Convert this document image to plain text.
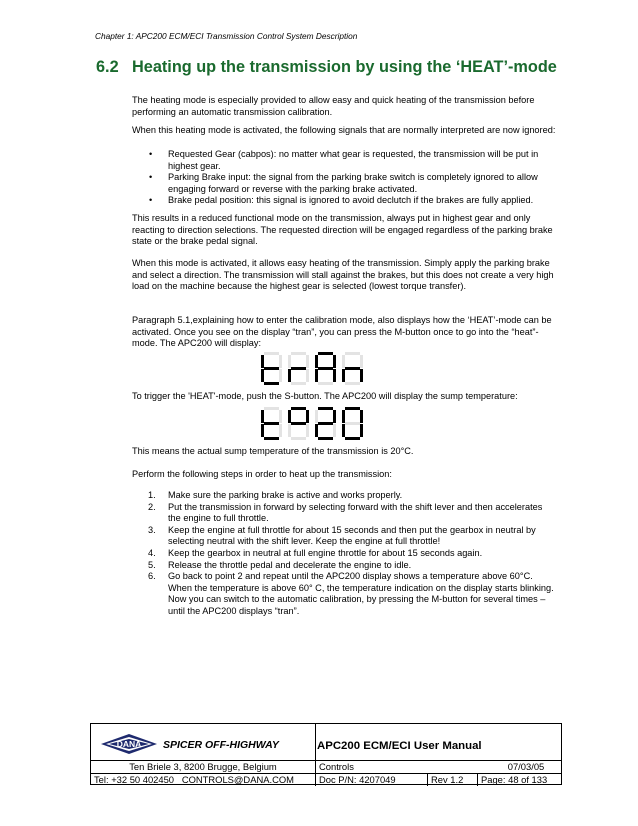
Chapter 1: APC200 ECM/ECI Transmission Control System Description
6.2 Heating up the transmission by using the ‘HEAT’-mode

The heating mode is especially provided to allow easy and quick heating of the transmission before performing an automatic transmission calibration.

When this heating mode is activated, the following signals that are normally interpreted are now ignored:

• Requested Gear (cabpos): no matter what gear is requested, the transmission will be put in highest gear.
• Parking Brake input: the signal from the parking brake switch is completely ignored to allow engaging forward or reverse with the parking brake activated.
• Brake pedal position: this signal is ignored to avoid declutch if the brakes are fully applied.

This results in a reduced functional mode on the transmission, always put in highest gear and only reacting to direction selections. The requested direction will be engaged regardless of the parking brake state or the brake pedal signal.

When this mode is activated, it allows easy heating of the transmission. Simply apply the parking brake and select a direction. The transmission will stall against the brakes, but this does not create a very high load on the machine because the highest gear is selected (lowest torque transfer).

Paragraph 5.1,explaining how to enter the calibration mode, also displays how the ‘HEAT’-mode can be activated. Once you see on the display “tran”, you can press the M-button once to go into the “heat”-mode. The APC200 will display:

To trigger the 'HEAT'-mode, push the S-button. The APC200 will display the sump temperature:

This means the actual sump temperature of the transmission is 20°C.

Perform the following steps in order to heat up the transmission:

1. Make sure the parking brake is active and works properly.
2. Put the transmission in forward by selecting forward with the shift lever and then accelerates the engine to full throttle.
3. Keep the engine at full throttle for about 15 seconds and then put the gearbox in neutral by selecting neutral with the shift lever. Keep the engine at full throttle!
4. Keep the gearbox in neutral at full engine throttle for about 15 seconds again.
5. Release the throttle pedal and decelerate the engine to idle.
6. Go back to point 2 and repeat until the APC200 display shows a temperature above 60°C. When the temperature is above 60° C, the temperature indication on the display starts blinking. Now you can switch to the automatic calibration, by pressing the M-button for several times – until the APC200 displays “tran”.
DANA SPICER OFF-HIGHWAY	APC200 ECM/ECI User Manual
Ten Briele 3, 8200 Brugge, Belgium	Controls	07/03/05
Tel: +32 50 402450   CONTROLS@DANA.COM	Doc P/N: 4207049	Rev 1.2	Page: 48 of 133
